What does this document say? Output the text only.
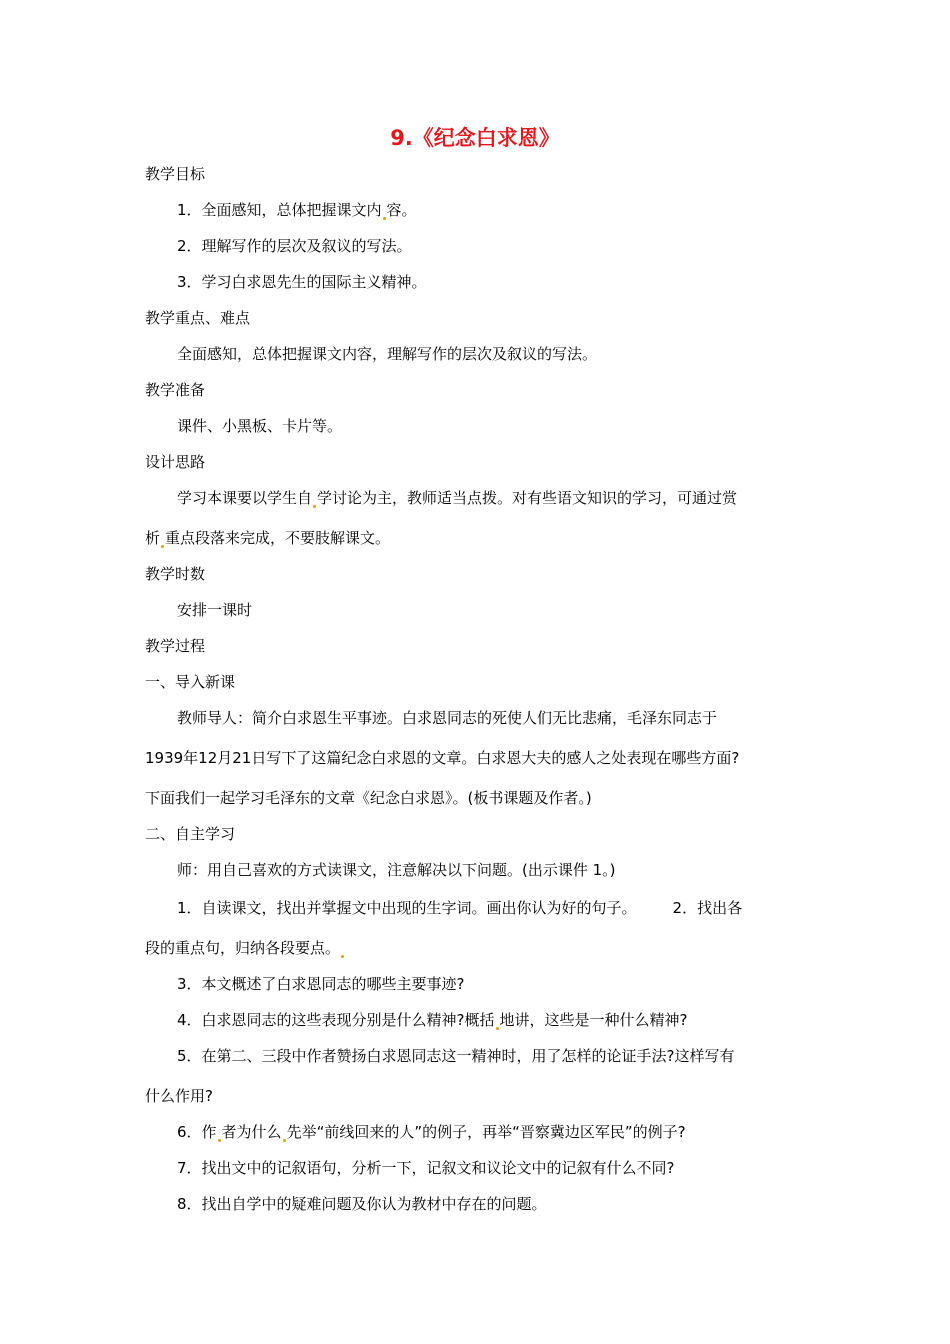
9.《纪念白求恩》
教学目标
1．全面感知，总体把握课文内 容。
2．理解写作的层次及叙议的写法。
3．学习白求恩先生的国际主义精神。
教学重点、难点
全面感知，总体把握课文内容，理解写作的层次及叙议的写法。
教学准备
课件、小黑板、卡片等。
设计思路
学习本课要以学生自 学讨论为主，教师适当点拨。对有些语文知识的学习，可通过赏
析 重点段落来完成，不要肢解课文。
教学时数
安排一课时
教学过程
一、导入新课
教师导人：简介白求恩生平事迹。白求恩同志的死使人们无比悲痛，毛泽东同志于
1939年12月21日写下了这篇纪念白求恩的文章。白求恩大夫的感人之处表现在哪些方面?
下面我们一起学习毛泽东的文章《纪念白求恩》。(板书课题及作者。)
二、自主学习
师：用自己喜欢的方式读课文，注意解决以下问题。(出示课件 1。)
1．自读课文，找出并掌握文中出现的生字词。画出你认为好的句子。 2．找出各
段的重点句，归纳各段要点。
3．本文概述了白求恩同志的哪些主要事迹?
4．白求恩同志的这些表现分别是什么精神?概括 地讲，这些是一种什么精神?
5．在第二、三段中作者赞扬白求恩同志这一精神时，用了怎样的论证手法?这样写有
什么作用?
6．作 者为什么 先举“前线回来的人”的例子，再举“晋察冀边区军民”的例子?
7．找出文中的记叙语句，分析一下，记叙文和议论文中的记叙有什么不同?
8．找出自学中的疑难问题及你认为教材中存在的问题。
